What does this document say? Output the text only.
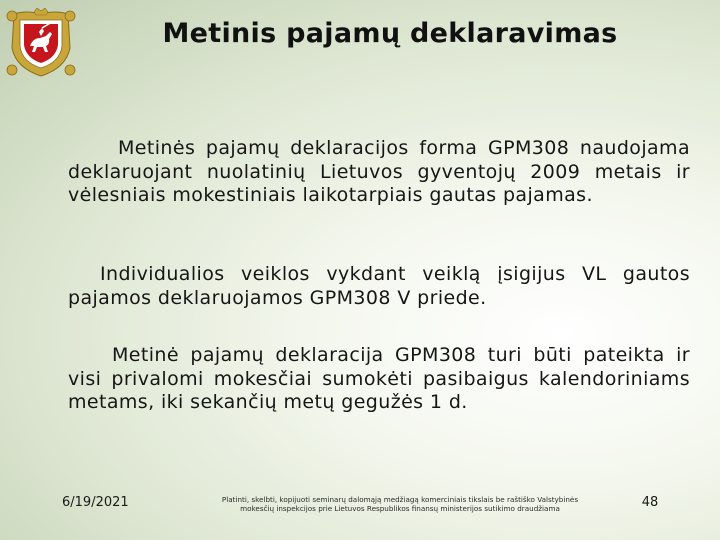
Metinis pajamų deklaravimas
Metinės pajamų deklaracijos forma GPM308 naudojama deklaruojant nuolatinių Lietuvos gyventojų 2009 metais ir vėlesniais mokestiniais laikotarpiais gautas pajamas.
Individualios veiklos vykdant veiklą įsigijus VL gautos pajamos deklaruojamos GPM308 V priede.
Metinė pajamų deklaracija GPM308 turi būti pateikta ir visi privalomi mokesčiai sumokėti pasibaigus kalendoriniams metams, iki sekančių metų gegužės 1 d.
6/19/2021	Platinti, skelbti, kopijuoti seminarų dalomąją medžiagą komerciniais tikslais be raštiško Valstybinės
mokesčių inspekcijos prie Lietuvos Respublikos finansų ministerijos sutikimo draudžiama	48
